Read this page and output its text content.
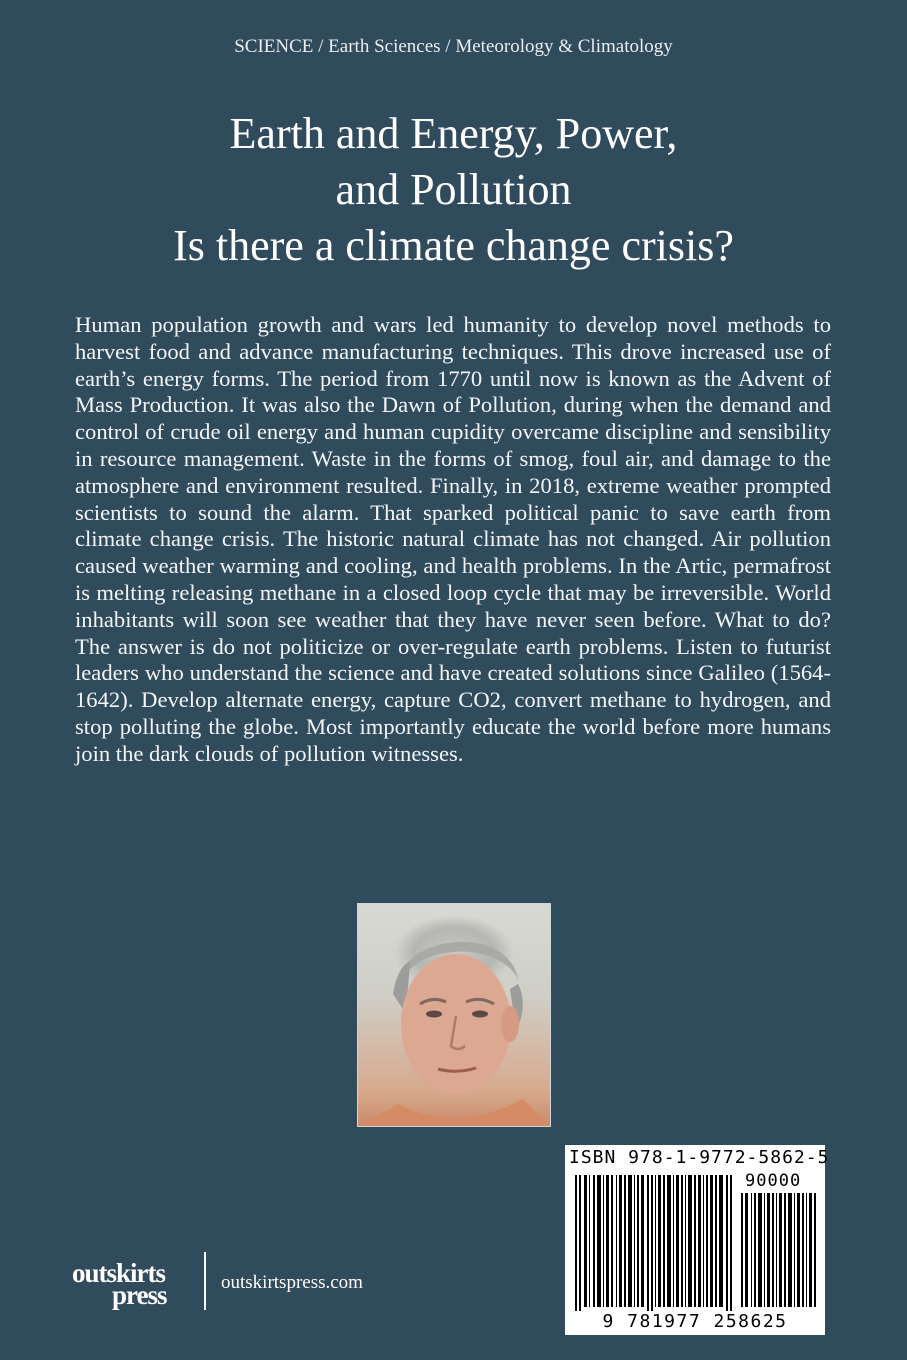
SCIENCE / Earth Sciences / Meteorology & Climatology
Earth and Energy, Power,
and Pollution
Is there a climate change crisis?
Human population growth and wars led humanity to develop novel methods to harvest food and advance manufacturing techniques. This drove increased use of earth’s energy forms. The period from 1770 until now is known as the Advent of Mass Production. It was also the Dawn of Pollution, during when the demand and control of crude oil energy and human cupidity overcame discipline and sensibility in resource management. Waste in the forms of smog, foul air, and damage to the atmosphere and environment resulted. Finally, in 2018, extreme weather prompted scientists to sound the alarm. That sparked political panic to save earth from climate change crisis. The historic natural climate has not changed. Air pollution caused weather warming and cooling, and health problems. In the Artic, permafrost is melting releasing methane in a closed loop cycle that may be irreversible. World inhabitants will soon see weather that they have never seen before. What to do? The answer is do not politicize or over-regulate earth problems. Listen to futurist leaders who understand the science and have created solutions since Galileo (1564-1642). Develop alternate energy, capture CO2, convert methane to hydrogen, and stop polluting the globe. Most importantly educate the world before more humans join the dark clouds of pollution witnesses.
ISBN 978-1-9772-5862-5
90000
9 781977 258625
outskirts
press	outskirtspress.com
